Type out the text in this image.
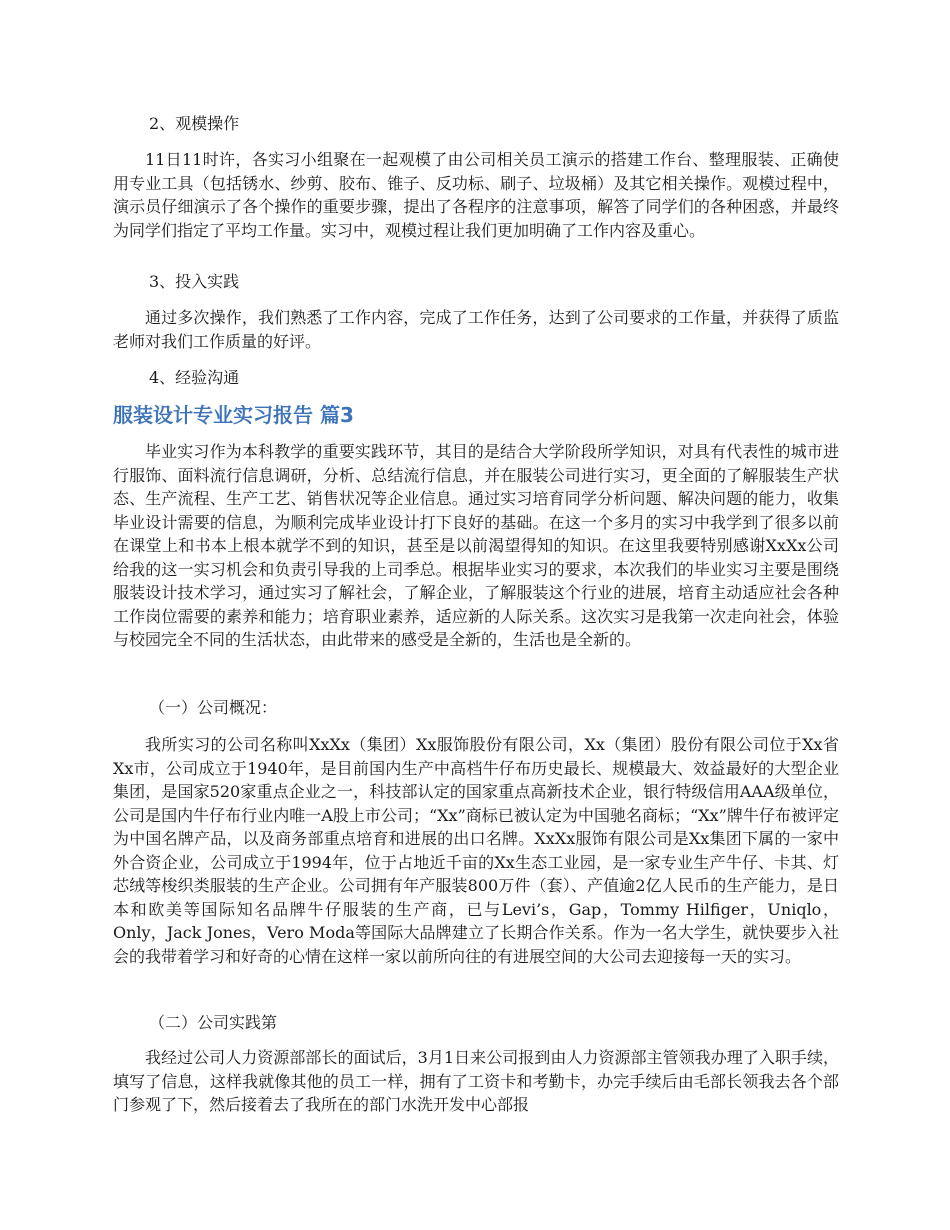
2、观模操作

11日11时许，各实习小组聚在一起观模了由公司相关员工演示的搭建工作台、整理服装、正确使用专业工具（包括锈水、纱剪、胶布、锥子、反功标、刷子、垃圾桶）及其它相关操作。观模过程中，演示员仔细演示了各个操作的重要步骤，提出了各程序的注意事项，解答了同学们的各种困惑，并最终为同学们指定了平均工作量。实习中，观模过程让我们更加明确了工作内容及重心。

3、投入实践

通过多次操作，我们熟悉了工作内容，完成了工作任务，达到了公司要求的工作量，并获得了质监老师对我们工作质量的好评。

4、经验沟通

服装设计专业实习报告 篇3

毕业实习作为本科教学的重要实践环节，其目的是结合大学阶段所学知识，对具有代表性的城市进行服饰、面料流行信息调研，分析、总结流行信息，并在服装公司进行实习，更全面的了解服装生产状态、生产流程、生产工艺、销售状况等企业信息。通过实习培育同学分析问题、解决问题的能力，收集毕业设计需要的信息，为顺利完成毕业设计打下良好的基础。在这一个多月的实习中我学到了很多以前在课堂上和书本上根本就学不到的知识，甚至是以前渴望得知的知识。在这里我要特别感谢XxXx公司给我的这一实习机会和负责引导我的上司季总。根据毕业实习的要求，本次我们的毕业实习主要是围绕服装设计技术学习，通过实习了解社会，了解企业，了解服装这个行业的进展，培育主动适应社会各种工作岗位需要的素养和能力；培育职业素养，适应新的人际关系。这次实习是我第一次走向社会，体验与校园完全不同的生活状态，由此带来的感受是全新的，生活也是全新的。

（一）公司概况：

我所实习的公司名称叫XxXx（集团）Xx服饰股份有限公司，Xx（集团）股份有限公司位于Xx省Xx市，公司成立于1940年，是目前国内生产中高档牛仔布历史最长、规模最大、效益最好的大型企业集团，是国家520家重点企业之一，科技部认定的国家重点高新技术企业，银行特级信用AAA级单位，公司是国内牛仔布行业内唯一A股上市公司；“Xx”商标已被认定为中国驰名商标；“Xx”牌牛仔布被评定为中国名牌产品，以及商务部重点培育和进展的出口名牌。XxXx服饰有限公司是Xx集团下属的一家中外合资企业，公司成立于1994年，位于占地近千亩的Xx生态工业园，是一家专业生产牛仔、卡其、灯芯绒等梭织类服装的生产企业。公司拥有年产服装800万件（套）、产值逾2亿人民币的生产能力，是日本和欧美等国际知名品牌牛仔服装的生产商，已与Levi’s，Gap，Tommy Hilfiger，Uniqlo，Only，Jack Jones，Vero Moda等国际大品牌建立了长期合作关系。作为一名大学生，就快要步入社会的我带着学习和好奇的心情在这样一家以前所向往的有进展空间的大公司去迎接每一天的实习。

（二）公司实践第

我经过公司人力资源部部长的面试后，3月1日来公司报到由人力资源部主管领我办理了入职手续，填写了信息，这样我就像其他的员工一样，拥有了工资卡和考勤卡，办完手续后由毛部长领我去各个部门参观了下，然后接着去了我所在的部门水洗开发中心部报
